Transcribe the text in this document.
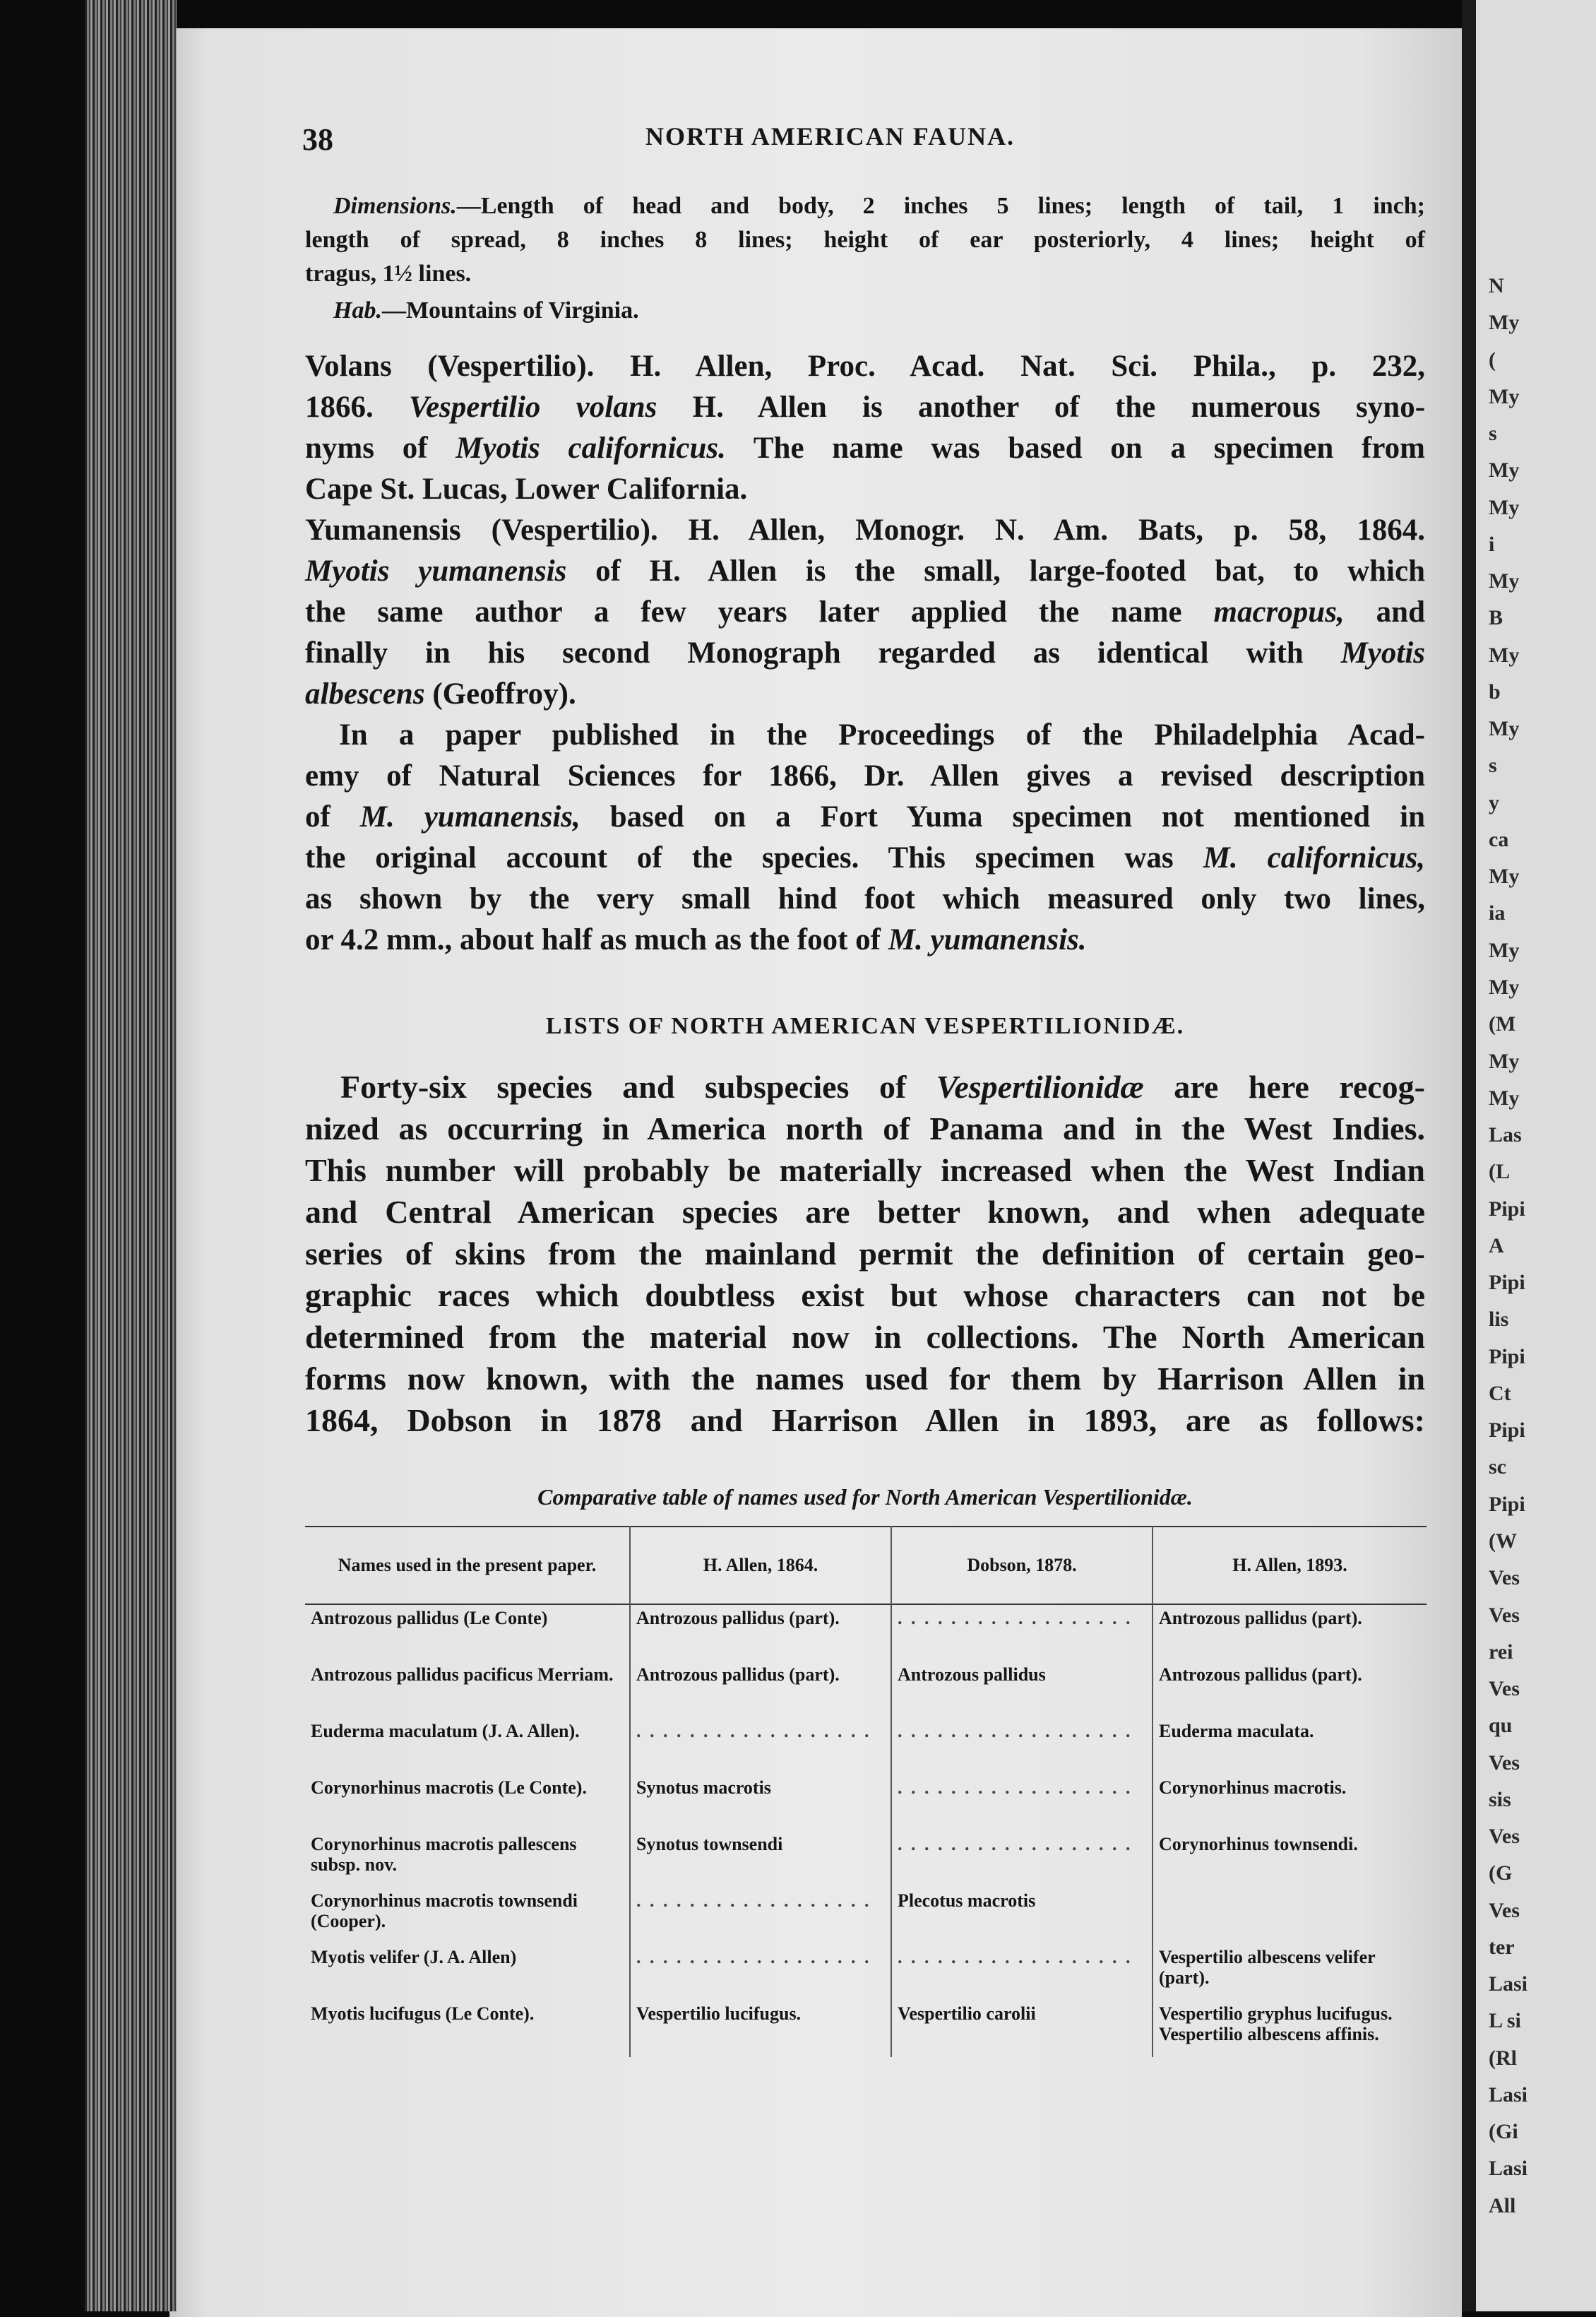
38	NORTH AMERICAN FAUNA.
Dimensions.—Length of head and body, 2 inches 5 lines; length of tail, 1 inch;
length of spread, 8 inches 8 lines; height of ear posteriorly, 4 lines; height of
tragus, 1½ lines.
Hab.—Mountains of Virginia.
Volans (Vespertilio). H. Allen, Proc. Acad. Nat. Sci. Phila., p. 232,
1866. Vespertilio volans H. Allen is another of the numerous syno-
nyms of Myotis californicus. The name was based on a specimen from
Cape St. Lucas, Lower California.
Yumanensis (Vespertilio). H. Allen, Monogr. N. Am. Bats, p. 58, 1864.
Myotis yumanensis of H. Allen is the small, large-footed bat, to which
the same author a few years later applied the name macropus, and
finally in his second Monograph regarded as identical with Myotis
albescens (Geoffroy).
In a paper published in the Proceedings of the Philadelphia Acad-
emy of Natural Sciences for 1866, Dr. Allen gives a revised description
of M. yumanensis, based on a Fort Yuma specimen not mentioned in
the original account of the species. This specimen was M. californicus,
as shown by the very small hind foot which measured only two lines,
or 4.2 mm., about half as much as the foot of M. yumanensis.
LISTS OF NORTH AMERICAN VESPERTILIONIDÆ.
Forty-six species and subspecies of Vespertilionidæ are here recog-
nized as occurring in America north of Panama and in the West Indies.
This number will probably be materially increased when the West Indian
and Central American species are better known, and when adequate
series of skins from the mainland permit the definition of certain geo-
graphic races which doubtless exist but whose characters can not be
determined from the material now in collections. The North American
forms now known, with the names used for them by Harrison Allen in
1864, Dobson in 1878 and Harrison Allen in 1893, are as follows:
Comparative table of names used for North American Vespertilionidæ.
Names used in the present paper.	H. Allen, 1864.	Dobson, 1878.	H. Allen, 1893.
Antrozous pallidus (Le Conte)	Antrozous pallidus (part).	. . . . . . . . . . . . . . . . . .	Antrozous pallidus (part).
Antrozous pallidus pacificus Merriam.	Antrozous pallidus (part).	Antrozous pallidus	Antrozous pallidus (part).
Euderma maculatum (J. A. Allen).	. . . . . . . . . . . . . . . . . .	. . . . . . . . . . . . . . . . . .	Euderma maculata.
Corynorhinus macrotis (Le Conte).	Synotus macrotis	. . . . . . . . . . . . . . . . . .	Corynorhinus macrotis.
Corynorhinus macrotis pallescens subsp. nov.	Synotus townsendi	. . . . . . . . . . . . . . . . . .	Corynorhinus townsendi.
Corynorhinus macrotis townsendi (Cooper).	. . . . . . . . . . . . . . . . . .	Plecotus macrotis	
Myotis velifer (J. A. Allen)	. . . . . . . . . . . . . . . . . .	. . . . . . . . . . . . . . . . . .	Vespertilio albescens velifer (part).
Myotis lucifugus (Le Conte).	Vespertilio lucifugus.	Vespertilio carolii	Vespertilio gryphus lucifugus. Vespertilio albescens affinis.
N
My
(
My
s
My
My
i
My
B
My
b
My
s
y
ca
My
ia
My
My
(M
My
My
Las
(L
Pipi
A
Pipi
lis
Pipi
Ct
Pipi
sc
Pipi
(W
Ves
Ves
rei
Ves
qu
Ves
sis
Ves
(G
Ves
ter
Lasi
L si
(Rl
Lasi
(Gi
Lasi
All
